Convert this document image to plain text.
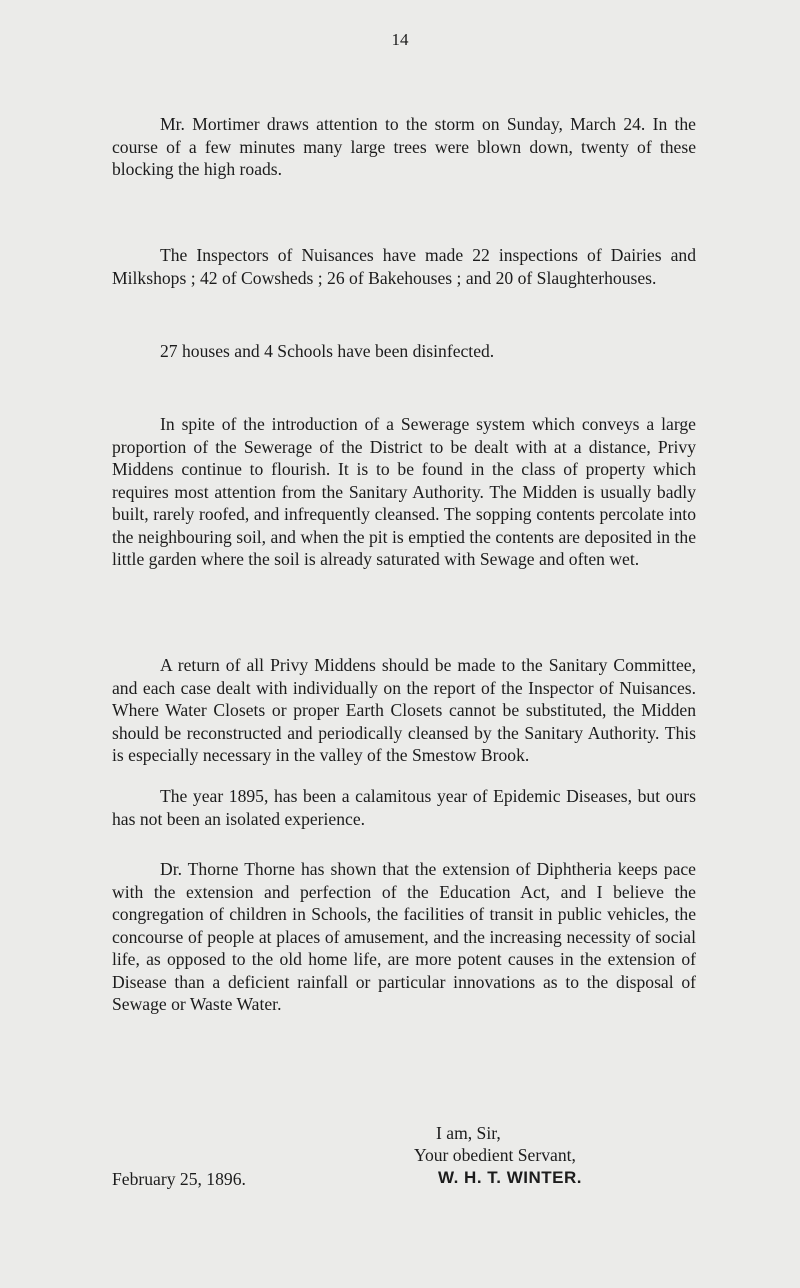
14

Mr. Mortimer draws attention to the storm on Sunday, March 24. In the course of a few minutes many large trees were blown down, twenty of these blocking the high roads.

The Inspectors of Nuisances have made 22 inspections of Dairies and Milkshops ; 42 of Cowsheds ; 26 of Bakehouses ; and 20 of Slaughterhouses.

27 houses and 4 Schools have been disinfected.

In spite of the introduction of a Sewerage system which conveys a large proportion of the Sewerage of the District to be dealt with at a distance, Privy Middens continue to flourish. It is to be found in the class of property which requires most attention from the Sanitary Authority. The Midden is usually badly built, rarely roofed, and infrequently cleansed. The sopping contents percolate into the neighbouring soil, and when the pit is emptied the contents are deposited in the little garden where the soil is already saturated with Sewage and often wet.

A return of all Privy Middens should be made to the Sanitary Committee, and each case dealt with individually on the report of the Inspector of Nuisances. Where Water Closets or proper Earth Closets cannot be substituted, the Midden should be reconstructed and periodically cleansed by the Sanitary Authority. This is especially necessary in the valley of the Smestow Brook.

The year 1895, has been a calamitous year of Epidemic Diseases, but ours has not been an isolated experience.

Dr. Thorne Thorne has shown that the extension of Diphtheria keeps pace with the extension and perfection of the Education Act, and I believe the congregation of children in Schools, the facilities of transit in public vehicles, the concourse of people at places of amusement, and the increasing necessity of social life, as opposed to the old home life, are more potent causes in the extension of Disease than a deficient rainfall or particular innovations as to the disposal of Sewage or Waste Water.

I am, Sir,
Your obedient Servant,
February 25, 1896.	W. H. T. WINTER.
